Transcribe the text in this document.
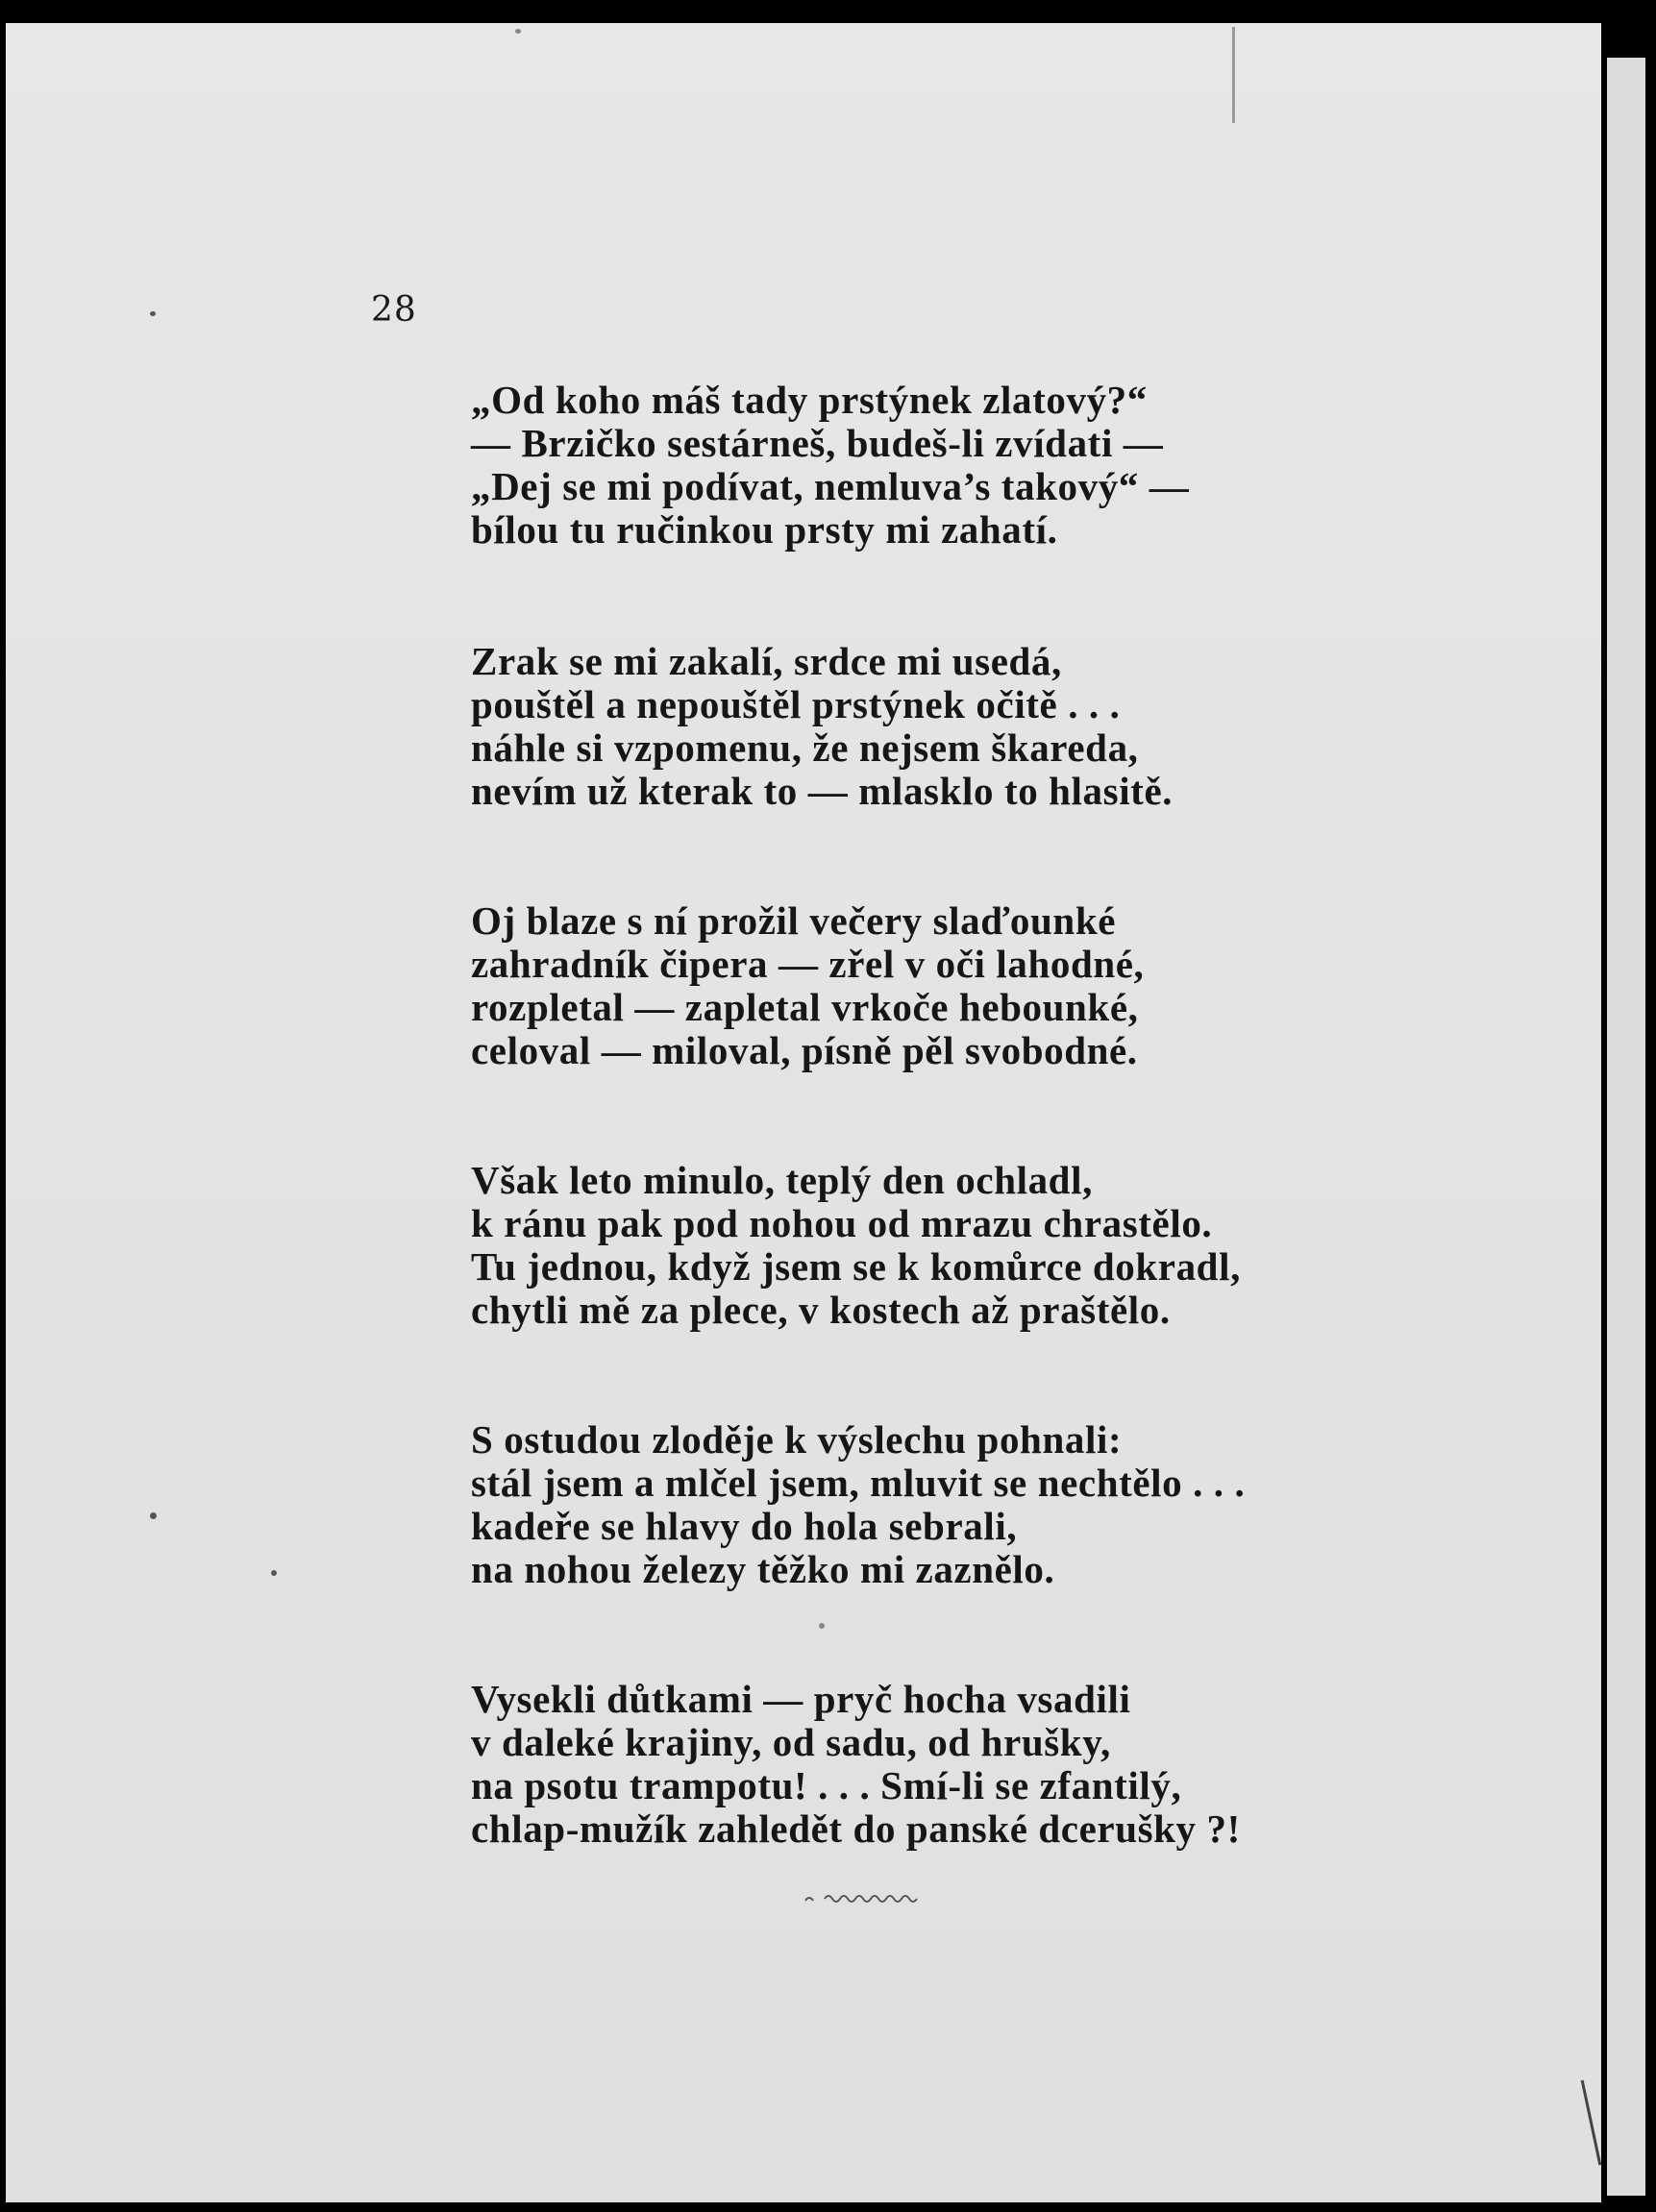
28
„Od koho máš tady prstýnek zlatový?“
— Brzičko sestárneš, budeš-li zvídati —
„Dej se mi podívat, nemluva’s takový“ —
bílou tu ručinkou prsty mi zahatí.
Zrak se mi zakalí, srdce mi usedá,
pouštěl a nepouštěl prstýnek očitě . . .
náhle si vzpomenu, že nejsem škareda,
nevím už kterak to — mlasklo to hlasitě.
Oj blaze s ní prožil večery slaďounké
zahradník čipera — zřel v oči lahodné,
rozpletal — zapletal vrkoče hebounké,
celoval — miloval, písně pěl svobodné.
Však leto minulo, teplý den ochladl,
k ránu pak pod nohou od mrazu chrastělo.
Tu jednou, když jsem se k komůrce dokradl,
chytli mě za plece, v kostech až praštělo.
S ostudou zloděje k výslechu pohnali:
stál jsem a mlčel jsem, mluvit se nechtělo . . .
kadeře se hlavy do hola sebrali,
na nohou železy těžko mi zaznělo.
Vysekli důtkami — pryč hocha vsadili
v daleké krajiny, od sadu, od hrušky,
na psotu trampotu! . . . Smí-li se zfantilý,
chlap-mužík zahledět do panské dcerušky ?!
